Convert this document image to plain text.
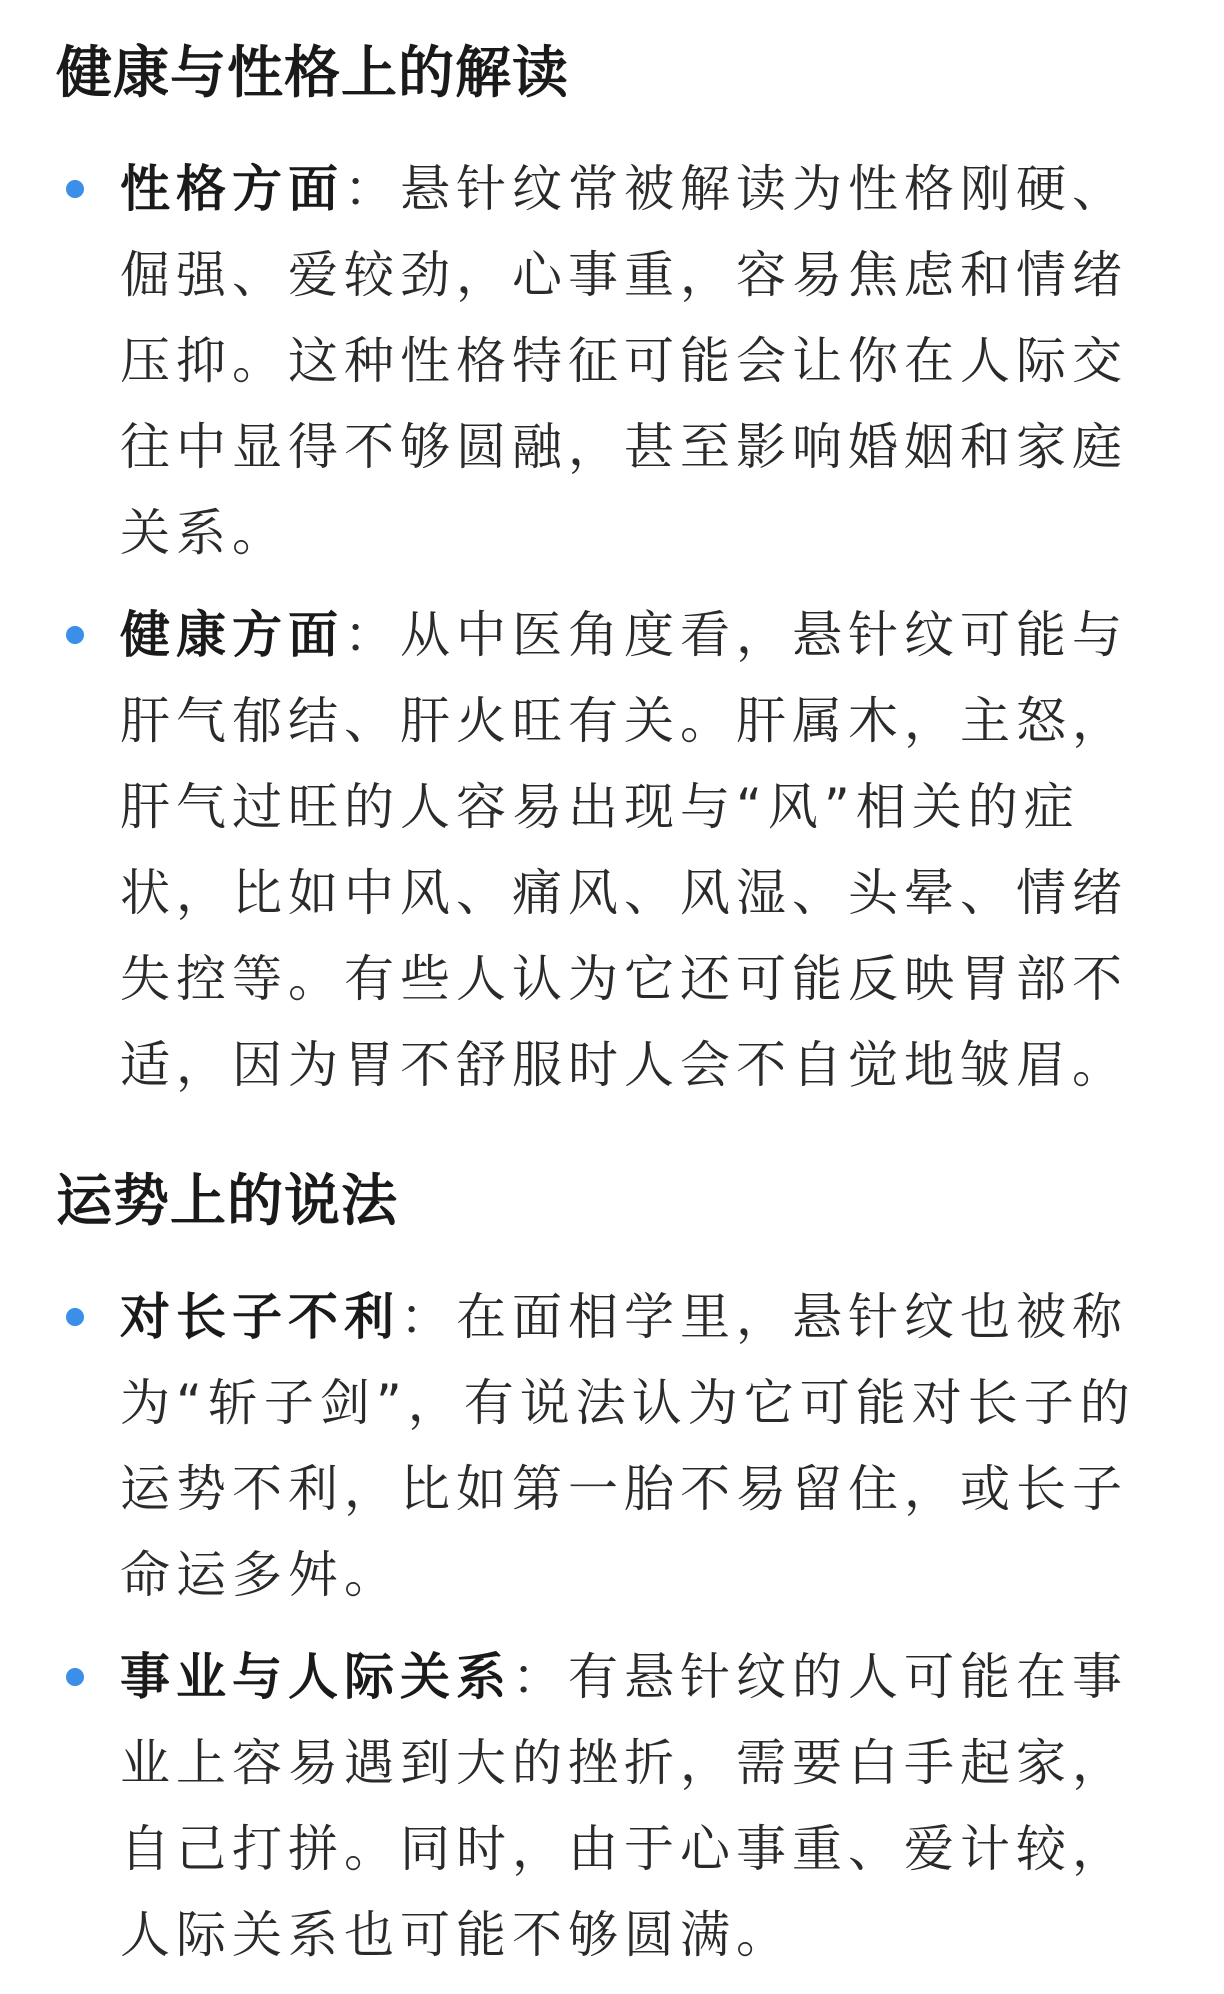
健康与性格上的解读
性格方面：悬针纹常被解读为性格刚硬、倔强、爱较劲，心事重，容易焦虑和情绪压抑。这种性格特征可能会让你在人际交往中显得不够圆融，甚至影响婚姻和家庭关系。
健康方面：从中医角度看，悬针纹可能与肝气郁结、肝火旺有关。肝属木，主怒，肝气过旺的人容易出现与“风”相关的症状，比如中风、痛风、风湿、头晕、情绪失控等。有些人认为它还可能反映胃部不适，因为胃不舒服时人会不自觉地皱眉。
运势上的说法
对长子不利：在面相学里，悬针纹也被称为“斩子剑”，有说法认为它可能对长子的运势不利，比如第一胎不易留住，或长子命运多舛。
事业与人际关系：有悬针纹的人可能在事业上容易遇到大的挫折，需要白手起家，自己打拼。同时，由于心事重、爱计较，人际关系也可能不够圆满。
